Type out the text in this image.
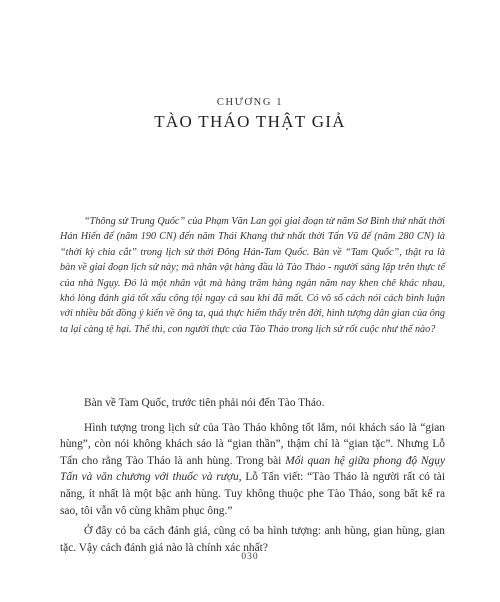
CHƯƠNG 1
TÀO THÁO THẬT GIẢ

“Thông sử Trung Quốc” của Phạm Văn Lan gọi giai đoạn từ năm Sơ Bình thứ nhất thời Hán Hiến đế (năm 190 CN) đến năm Thái Khang thứ nhất thời Tấn Vũ đế (năm 280 CN) là “thời kỳ chia cắt” trong lịch sử thời Đông Hán-Tam Quốc. Bàn về “Tam Quốc”, thật ra là bàn về giai đoạn lịch sử này; mà nhân vật hàng đầu là Tào Tháo - người sáng lập trên thực tế của nhà Ngụy. Đó là một nhân vật mà hàng trăm hàng ngàn năm nay khen chê khác nhau, khó lòng đánh giá tốt xấu công tội ngay cả sau khi đã mất. Có vô số cách nói cách bình luận với nhiều bất đồng ý kiến về ông ta, quả thực hiếm thấy trên đời, hình tượng dân gian của ông ta lại càng tệ hại. Thế thì, con người thực của Tào Tháo trong lịch sử rốt cuộc như thế nào?

Bàn về Tam Quốc, trước tiên phải nói đến Tào Tháo.

Hình tượng trong lịch sử của Tào Tháo không tốt lắm, nói khách sáo là “gian hùng”, còn nói không khách sáo là “gian thần”, thậm chí là “gian tặc”. Nhưng Lỗ Tấn cho rằng Tào Tháo là anh hùng. Trong bài Mối quan hệ giữa phong độ Ngụy Tấn và văn chương với thuốc và rượu, Lỗ Tấn viết: “Tào Tháo là người rất có tài năng, ít nhất là một bậc anh hùng. Tuy không thuộc phe Tào Tháo, song bất kể ra sao, tôi vẫn vô cùng khâm phục ông.”

Ở đây có ba cách đánh giá, cũng có ba hình tượng: anh hùng, gian hùng, gian tặc. Vậy cách đánh giá nào là chính xác nhất?

030
